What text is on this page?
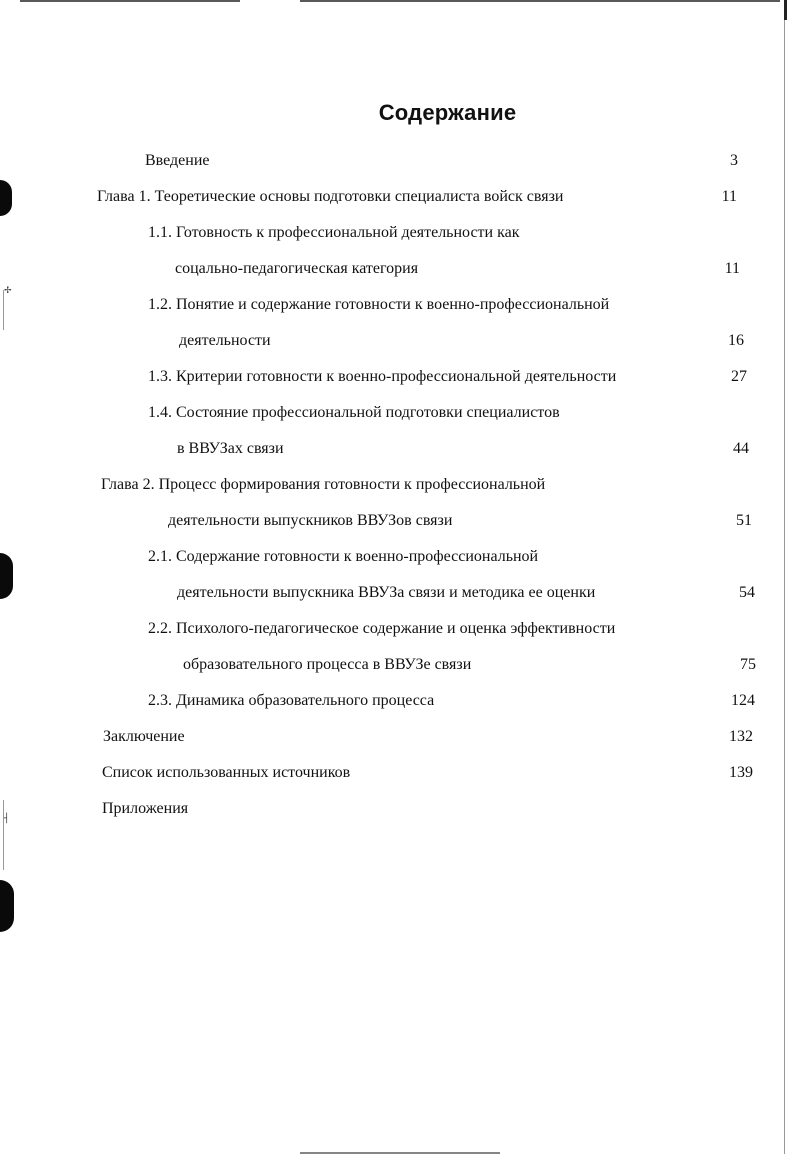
✢
┤
Содержание
Введение	3
Глава 1. Теоретические основы подготовки специалиста войск связи	11
1.1. Готовность к профессиональной деятельности как
соцально-педагогическая категория	11
1.2. Понятие и содержание готовности к военно-профессиональной
деятельности	16
1.3. Критерии готовности к военно-профессиональной деятельности	27
1.4. Состояние профессиональной подготовки специалистов
в ВВУЗах связи	44
Глава 2. Процесс формирования готовности к профессиональной
деятельности выпускников ВВУЗов связи	51
2.1. Содержание готовности к военно-профессиональной
деятельности выпускника ВВУЗа связи и методика ее оценки	54
2.2. Психолого-педагогическое содержание и оценка эффективности
образовательного процесса в ВВУЗе связи	75
2.3. Динамика образовательного процесса	124
Заключение	132
Список использованных источников	139
Приложения
